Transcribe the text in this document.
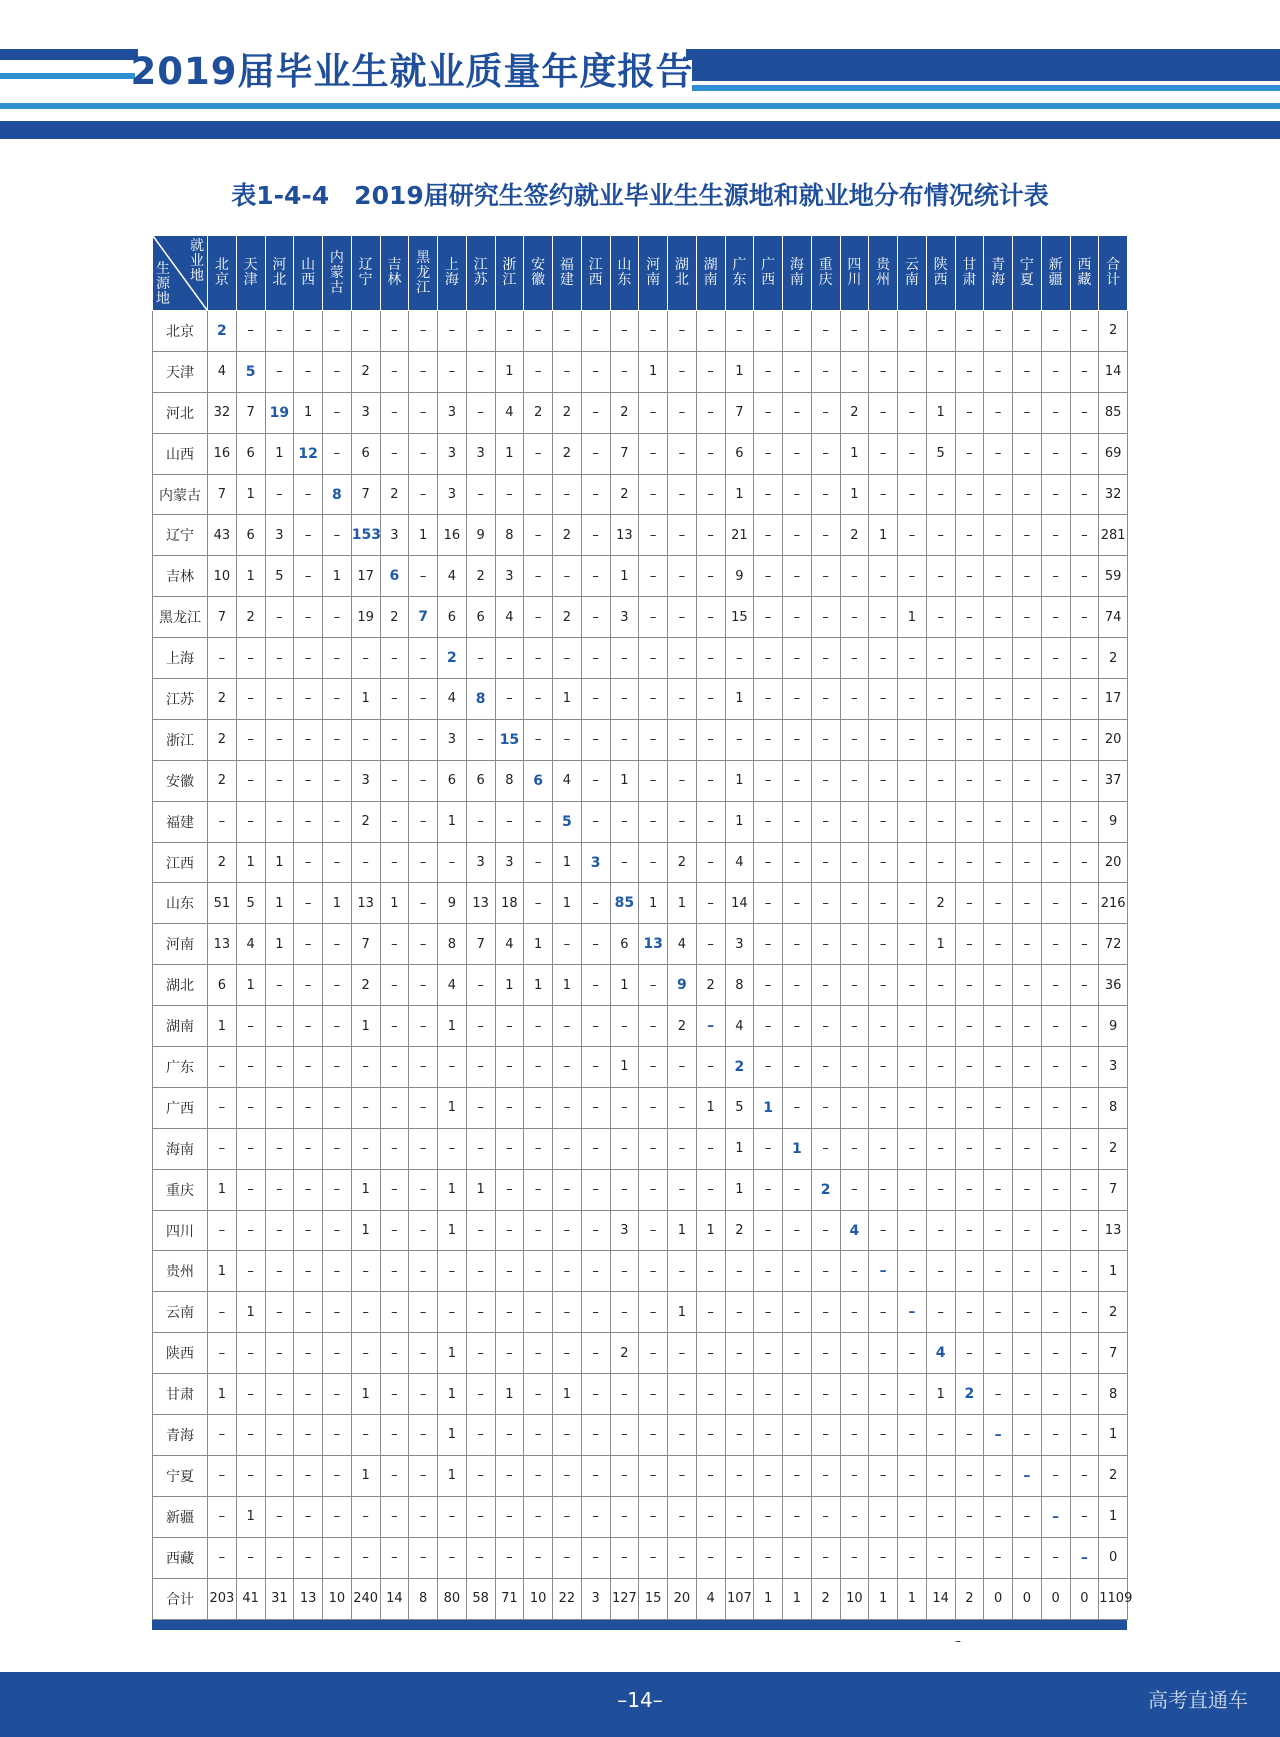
2019届毕业生就业质量年度报告
表1-4-4　2019届研究生签约就业毕业生生源地和就业地分布情况统计表
就业地
生源地	北京	天津	河北	山西	内蒙古	辽宁	吉林	黑龙江	上海	江苏	浙江	安徽	福建	江西	山东	河南	湖北	湖南	广东	广西	海南	重庆	四川	贵州	云南	陕西	甘肃	青海	宁夏	新疆	西藏	合计
北京	2	–	–	–	–	–	–	–	–	–	–	–	–	–	–	–	–	–	–	–	–	–	–	–	–	–	–	–	–	–	–	2
天津	4	5	–	–	–	2	–	–	–	–	1	–	–	–	–	1	–	–	1	–	–	–	–	–	–	–	–	–	–	–	–	14
河北	32	7	19	1	–	3	–	–	3	–	4	2	2	–	2	–	–	–	7	–	–	–	2	–	–	1	–	–	–	–	–	85
山西	16	6	1	12	–	6	–	–	3	3	1	–	2	–	7	–	–	–	6	–	–	–	1	–	–	5	–	–	–	–	–	69
内蒙古	7	1	–	–	8	7	2	–	3	–	–	–	–	–	2	–	–	–	1	–	–	–	1	–	–	–	–	–	–	–	–	32
辽宁	43	6	3	–	–	153	3	1	16	9	8	–	2	–	13	–	–	–	21	–	–	–	2	1	–	–	–	–	–	–	–	281
吉林	10	1	5	–	1	17	6	–	4	2	3	–	–	–	1	–	–	–	9	–	–	–	–	–	–	–	–	–	–	–	–	59
黑龙江	7	2	–	–	–	19	2	7	6	6	4	–	2	–	3	–	–	–	15	–	–	–	–	–	1	–	–	–	–	–	–	74
上海	–	–	–	–	–	–	–	–	2	–	–	–	–	–	–	–	–	–	–	–	–	–	–	–	–	–	–	–	–	–	–	2
江苏	2	–	–	–	–	1	–	–	4	8	–	–	1	–	–	–	–	–	1	–	–	–	–	–	–	–	–	–	–	–	–	17
浙江	2	–	–	–	–	–	–	–	3	–	15	–	–	–	–	–	–	–	–	–	–	–	–	–	–	–	–	–	–	–	–	20
安徽	2	–	–	–	–	3	–	–	6	6	8	6	4	–	1	–	–	–	1	–	–	–	–	–	–	–	–	–	–	–	–	37
福建	–	–	–	–	–	2	–	–	1	–	–	–	5	–	–	–	–	–	1	–	–	–	–	–	–	–	–	–	–	–	–	9
江西	2	1	1	–	–	–	–	–	–	3	3	–	1	3	–	–	2	–	4	–	–	–	–	–	–	–	–	–	–	–	–	20
山东	51	5	1	–	1	13	1	–	9	13	18	–	1	–	85	1	1	–	14	–	–	–	–	–	–	2	–	–	–	–	–	216
河南	13	4	1	–	–	7	–	–	8	7	4	1	–	–	6	13	4	–	3	–	–	–	–	–	–	1	–	–	–	–	–	72
湖北	6	1	–	–	–	2	–	–	4	–	1	1	1	–	1	–	9	2	8	–	–	–	–	–	–	–	–	–	–	–	–	36
湖南	1	–	–	–	–	1	–	–	1	–	–	–	–	–	–	–	2	–	4	–	–	–	–	–	–	–	–	–	–	–	–	9
广东	–	–	–	–	–	–	–	–	–	–	–	–	–	–	1	–	–	–	2	–	–	–	–	–	–	–	–	–	–	–	–	3
广西	–	–	–	–	–	–	–	–	1	–	–	–	–	–	–	–	–	1	5	1	–	–	–	–	–	–	–	–	–	–	–	8
海南	–	–	–	–	–	–	–	–	–	–	–	–	–	–	–	–	–	–	1	–	1	–	–	–	–	–	–	–	–	–	–	2
重庆	1	–	–	–	–	1	–	–	1	1	–	–	–	–	–	–	–	–	1	–	–	2	–	–	–	–	–	–	–	–	–	7
四川	–	–	–	–	–	1	–	–	1	–	–	–	–	–	3	–	1	1	2	–	–	–	4	–	–	–	–	–	–	–	–	13
贵州	1	–	–	–	–	–	–	–	–	–	–	–	–	–	–	–	–	–	–	–	–	–	–	–	–	–	–	–	–	–	–	1
云南	–	1	–	–	–	–	–	–	–	–	–	–	–	–	–	–	1	–	–	–	–	–	–	–	–	–	–	–	–	–	–	2
陕西	–	–	–	–	–	–	–	–	1	–	–	–	–	–	2	–	–	–	–	–	–	–	–	–	–	4	–	–	–	–	–	7
甘肃	1	–	–	–	–	1	–	–	1	–	1	–	1	–	–	–	–	–	–	–	–	–	–	–	–	1	2	–	–	–	–	8
青海	–	–	–	–	–	–	–	–	1	–	–	–	–	–	–	–	–	–	–	–	–	–	–	–	–	–	–	–	–	–	–	1
宁夏	–	–	–	–	–	1	–	–	1	–	–	–	–	–	–	–	–	–	–	–	–	–	–	–	–	–	–	–	–	–	–	2
新疆	–	1	–	–	–	–	–	–	–	–	–	–	–	–	–	–	–	–	–	–	–	–	–	–	–	–	–	–	–	–	–	1
西藏	–	–	–	–	–	–	–	–	–	–	–	–	–	–	–	–	–	–	–	–	–	–	–	–	–	–	–	–	–	–	–	0
合计	203	41	31	13	10	240	14	8	80	58	71	10	22	3	127	15	20	4	107	1	1	2	10	1	1	14	2	0	0	0	0	1109
–
–14–	高考直通车
